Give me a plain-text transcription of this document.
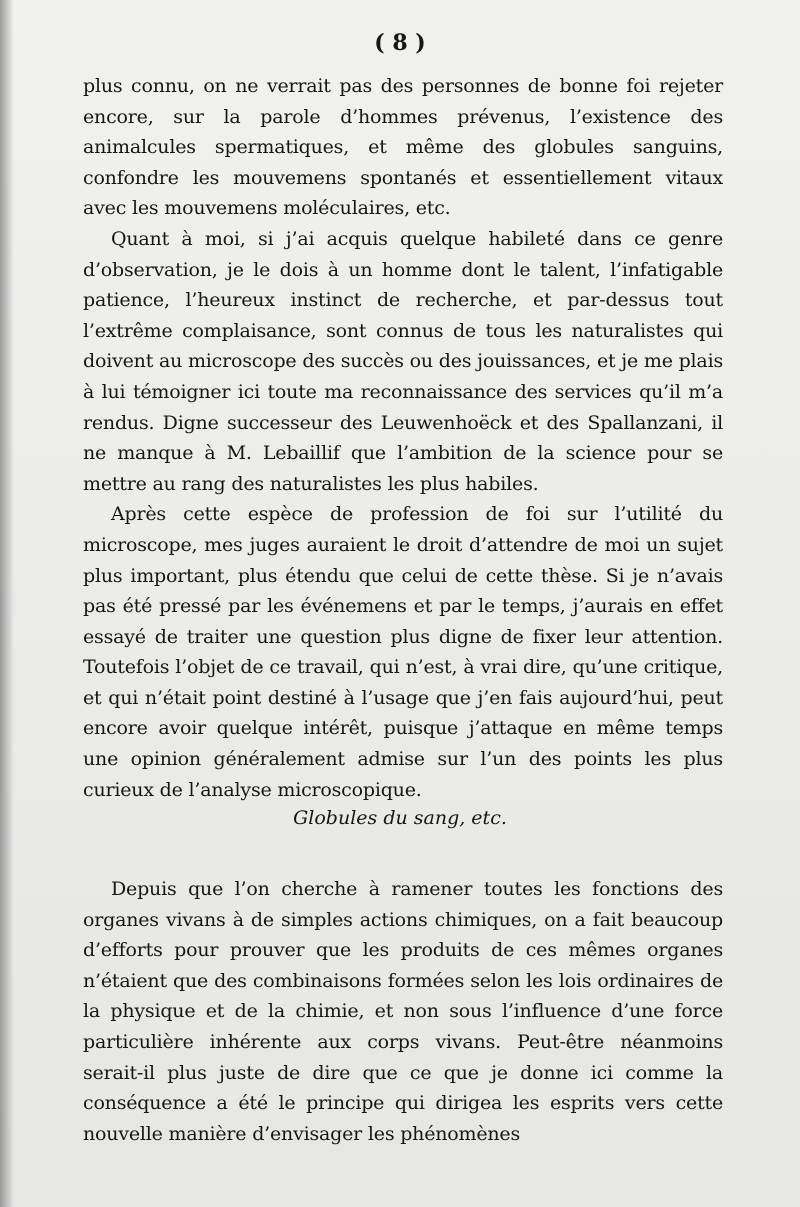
( 8 )

plus connu, on ne verrait pas des personnes de bonne foi rejeter encore, sur la parole d’hommes prévenus, l’existence des animalcules spermatiques, et même des globules sanguins, confondre les mouvemens spontanés et essentiellement vitaux avec les mouvemens moléculaires, etc.

Quant à moi, si j’ai acquis quelque habileté dans ce genre d’observation, je le dois à un homme dont le talent, l’infatigable patience, l’heureux instinct de recherche, et par-dessus tout l’extrême complaisance, sont connus de tous les naturalistes qui doivent au microscope des succès ou des jouissances, et je me plais à lui témoigner ici toute ma reconnaissance des services qu’il m’a rendus. Digne successeur des Leuwenhoëck et des Spallanzani, il ne manque à M. Lebaillif que l’ambition de la science pour se mettre au rang des naturalistes les plus habiles.

Après cette espèce de profession de foi sur l’utilité du microscope, mes juges auraient le droit d’attendre de moi un sujet plus important, plus étendu que celui de cette thèse. Si je n’avais pas été pressé par les événemens et par le temps, j’aurais en effet essayé de traiter une question plus digne de fixer leur attention. Toutefois l’objet de ce travail, qui n’est, à vrai dire, qu’une critique, et qui n’était point destiné à l’usage que j’en fais aujourd’hui, peut encore avoir quelque intérêt, puisque j’attaque en même temps une opinion généralement admise sur l’un des points les plus curieux de l’analyse microscopique.

Globules du sang, etc.

Depuis que l’on cherche à ramener toutes les fonctions des organes vivans à de simples actions chimiques, on a fait beaucoup d’efforts pour prouver que les produits de ces mêmes organes n’étaient que des combinaisons formées selon les lois ordinaires de la physique et de la chimie, et non sous l’influence d’une force particulière inhérente aux corps vivans. Peut-être néanmoins serait-il plus juste de dire que ce que je donne ici comme la conséquence a été le principe qui dirigea les esprits vers cette nouvelle manière d’envisager les phénomènes
